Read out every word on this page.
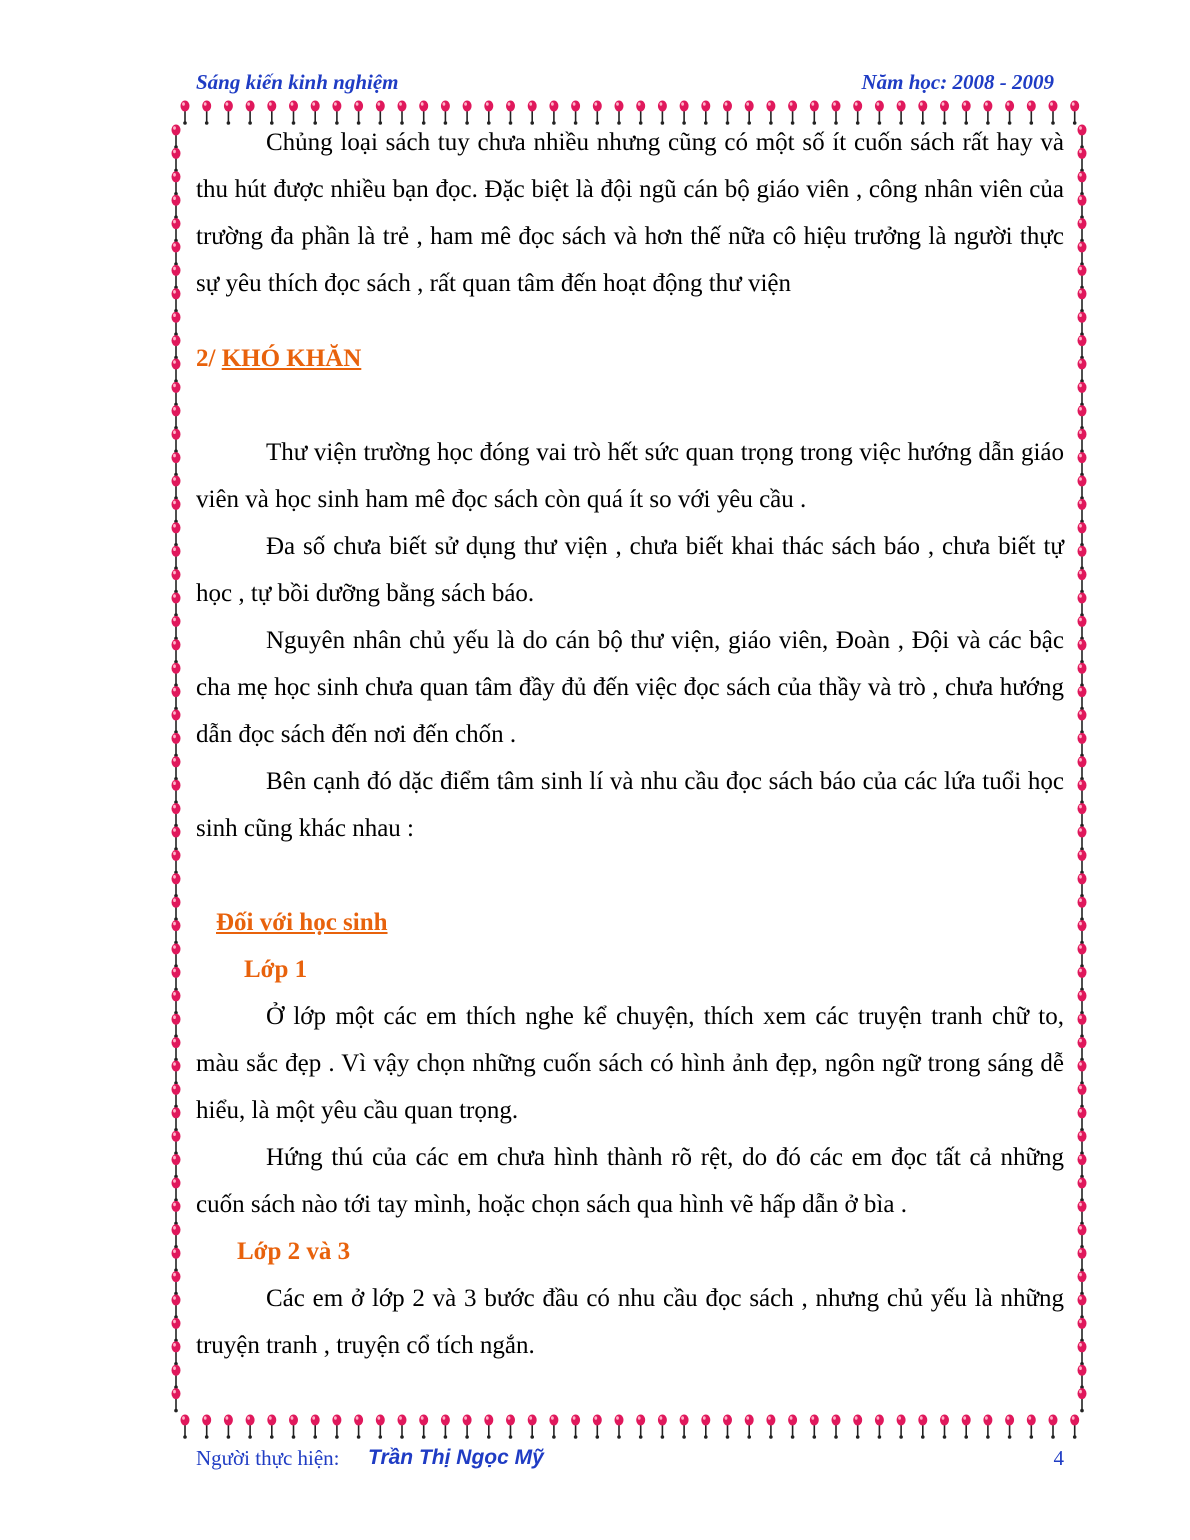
Sáng kiến kinh nghiệm	Năm học: 2008 - 2009

Chủng loại sách tuy chưa nhiều nhưng cũng có một số ít cuốn sách rất hay và thu hút được nhiều bạn đọc. Đặc biệt là đội ngũ cán bộ giáo viên , công nhân viên của trường đa phần là trẻ , ham mê đọc sách và hơn thế nữa cô hiệu trưởng là người thực sự yêu thích đọc sách , rất quan tâm đến hoạt động thư viện

2/ KHÓ KHĂN

Thư viện trường học đóng vai trò hết sức quan trọng trong việc hướng dẫn giáo viên và học sinh ham mê đọc sách còn quá ít so với yêu cầu .

Đa số chưa biết sử dụng thư viện , chưa biết khai thác sách báo , chưa biết tự học , tự bồi dưỡng bằng sách báo.

Nguyên nhân chủ yếu là do cán bộ thư viện, giáo viên, Đoàn , Đội và các bậc cha mẹ học sinh chưa quan tâm đầy đủ đến việc đọc sách của thầy và trò , chưa hướng dẫn đọc sách đến nơi đến chốn .

Bên cạnh đó dặc điểm tâm sinh lí và nhu cầu đọc sách báo của các lứa tuổi học sinh cũng khác nhau :

Đối với học sinh

Lớp 1

Ở lớp một các em thích nghe kể chuyện, thích xem các truyện tranh chữ to, màu sắc đẹp . Vì vậy chọn những cuốn sách có hình ảnh đẹp, ngôn ngữ trong sáng dễ hiểu, là một yêu cầu quan trọng.

Hứng thú của các em chưa hình thành rõ rệt, do đó các em đọc tất cả những cuốn sách nào tới tay mình, hoặc chọn sách qua hình vẽ hấp dẫn ở bìa .

Lớp 2 và 3

Các em ở lớp 2 và 3 bước đầu có nhu cầu đọc sách , nhưng chủ yếu là những truyện tranh , truyện cổ tích ngắn.

Người thực hiện: Trần Thị Ngọc Mỹ	4
